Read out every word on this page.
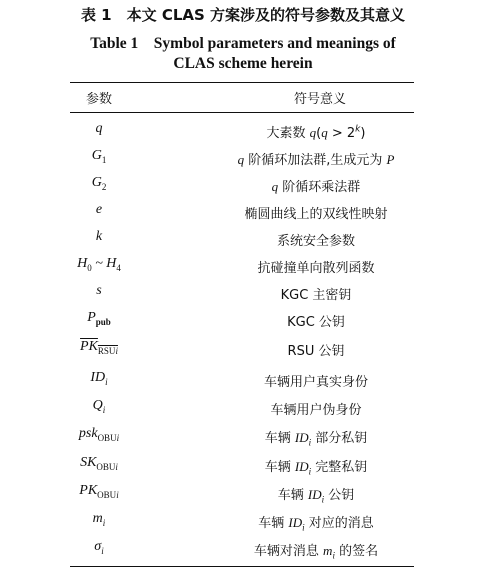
表 1　本文 CLAS 方案涉及的符号参数及其意义
Table 1　Symbol parameters and meanings of
CLAS scheme herein
参数	符号意义
q	大素数 $q(q > 2^k)$
$G_1$	q 阶循环加法群,生成元为 P
$G_2$	q 阶循环乘法群
e	椭圆曲线上的双线性映射
k	系统安全参数
$H_0$ ~ $H_4$	抗碰撞单向散列函数
s	KGC 主密钥
$P_{pub}$	KGC 公钥
$PK_{RSUi}$	RSU 公钥
$ID_i$	车辆用户真实身份
$Q_i$	车辆用户伪身份
psk$_{OBUi}$	车辆 $ID_i$ 部分私钥
$SK_{OBUi}$	车辆 $ID_i$ 完整私钥
$PK_{OBUi}$	车辆 $ID_i$ 公钥
$m_i$	车辆 $ID_i$ 对应的消息
$\sigma_i$	车辆对消息 $m_i$ 的签名
